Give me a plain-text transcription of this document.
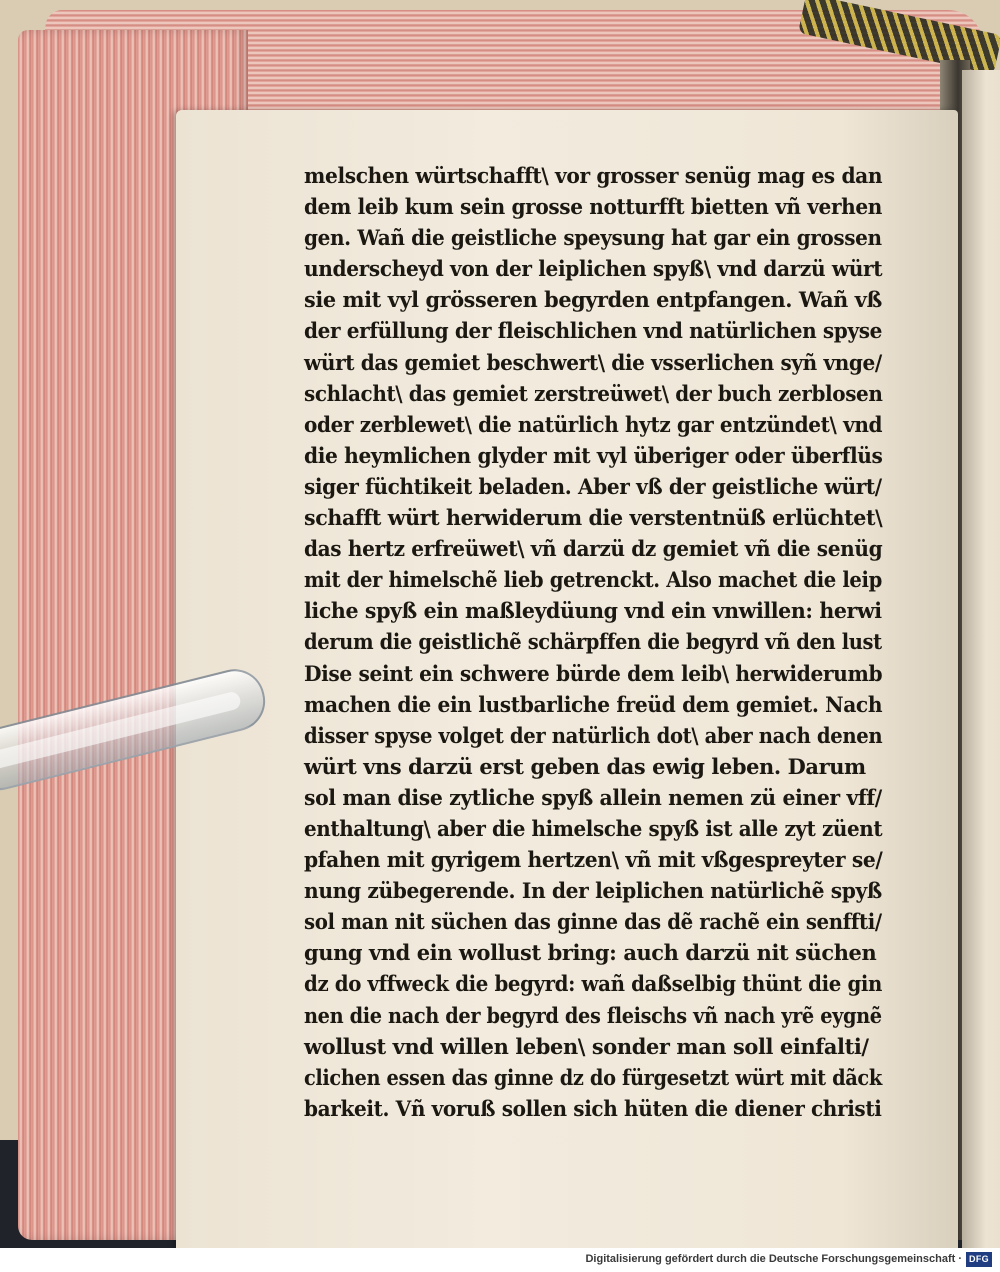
melschen würtschafft\ vor grosser senüg mag es dan
dem leib kum sein grosse notturfft bietten vñ verhen
gen. Wañ die geistliche speysung hat gar ein grossen
underscheyd von der leiplichen spyß\ vnd darzü würt
sie mit vyl grösseren begyrden entpfangen. Wañ vß
der erfüllung der fleischlichen vnd natürlichen spyse
würt das gemiet beschwert\ die vsserlichen syñ vnge/
schlacht\ das gemiet zerstreüwet\ der buch zerblosen
oder zerblewet\ die natürlich hytz gar entzündet\ vnd
die heymlichen glyder mit vyl überiger oder überflüs
siger füchtikeit beladen. Aber vß der geistliche würt/
schafft würt herwiderum die verstentnüß erlüchtet\
das hertz erfreüwet\ vñ darzü dz gemiet vñ die senüg
mit der himelschẽ lieb getrenckt. Also machet die leip
liche spyß ein maßleydüung vnd ein vnwillen: herwi
derum die geistlichẽ schärpffen die begyrd vñ den lust
Dise seint ein schwere bürde dem leib\ herwiderumb
machen die ein lustbarliche freüd dem gemiet. Nach
disser spyse volget der natürlich dot\ aber nach denen
würt vns darzü erst geben das ewig leben. Darum
sol man dise zytliche spyß allein nemen zü einer vff/
enthaltung\ aber die himelsche spyß ist alle zyt züent
pfahen mit gyrigem hertzen\ vñ mit vßgespreyter se/
nung zübegerende. In der leiplichen natürlichẽ spyß
sol man nit süchen das ginne das dẽ rachẽ ein senffti/
gung vnd ein wollust bring: auch darzü nit süchen
dz do vffweck die begyrd: wañ daßselbig thünt die gin
nen die nach der begyrd des fleischs vñ nach yrẽ eygnẽ
wollust vnd willen leben\ sonder man soll einfalti/
clichen essen das ginne dz do fürgesetzt würt mit dãck
barkeit. Vñ voruß sollen sich hüten die diener christi
Digitalisierung gefördert durch die Deutsche Forschungsgemeinschaft · DFG
